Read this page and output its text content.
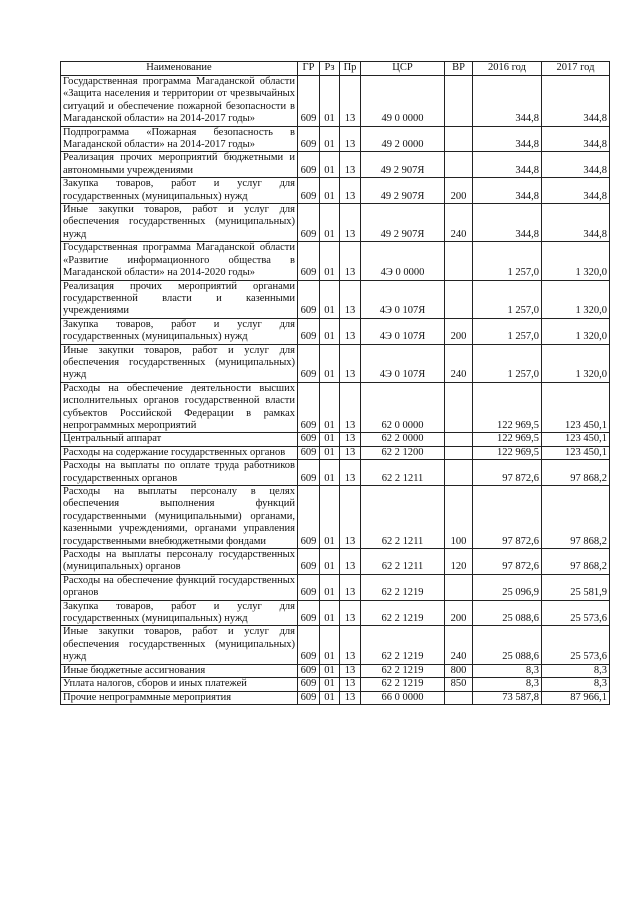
Наименование	ГР	Рз	Пр	ЦСР	ВР	2016 год	2017 год
Государственная программа Магаданской области «Защита населения и территории от чрезвычайных ситуаций и обеспечение пожарной безопасности в Магаданской области» на 2014-2017 годы»	609	01	13	49 0 0000		344,8	344,8
Подпрограмма «Пожарная безопасность в Магаданской области» на 2014-2017 годы»	609	01	13	49 2 0000		344,8	344,8
Реализация прочих мероприятий бюджетными и автономными учреждениями	609	01	13	49 2 907Я		344,8	344,8
Закупка товаров, работ и услуг для государственных (муниципальных) нужд	609	01	13	49 2 907Я	200	344,8	344,8
Иные закупки товаров, работ и услуг для обеспечения государственных (муниципальных) нужд	609	01	13	49 2 907Я	240	344,8	344,8
Государственная программа Магаданской области «Развитие информационного общества в Магаданской области» на 2014-2020 годы»	609	01	13	4Э 0 0000		1 257,0	1 320,0
Реализация прочих мероприятий органами государственной власти и казенными учреждениями	609	01	13	4Э 0 107Я		1 257,0	1 320,0
Закупка товаров, работ и услуг для государственных (муниципальных) нужд	609	01	13	4Э 0 107Я	200	1 257,0	1 320,0
Иные закупки товаров, работ и услуг для обеспечения государственных (муниципальных) нужд	609	01	13	4Э 0 107Я	240	1 257,0	1 320,0
Расходы на обеспечение деятельности высших исполнительных органов государственной власти субъектов Российской Федерации в рамках непрограммных мероприятий	609	01	13	62 0 0000		122 969,5	123 450,1
Центральный аппарат	609	01	13	62 2 0000		122 969,5	123 450,1
Расходы на содержание государственных органов	609	01	13	62 2 1200		122 969,5	123 450,1
Расходы на выплаты по оплате труда работников государственных органов	609	01	13	62 2 1211		97 872,6	97 868,2
Расходы на выплаты персоналу в целях обеспечения выполнения функций государственными (муниципальными) органами, казенными учреждениями, органами управления государственными внебюджетными фондами	609	01	13	62 2 1211	100	97 872,6	97 868,2
Расходы на выплаты персоналу государственных (муниципальных) органов	609	01	13	62 2 1211	120	97 872,6	97 868,2
Расходы на обеспечение функций государственных органов	609	01	13	62 2 1219		25 096,9	25 581,9
Закупка товаров, работ и услуг для государственных (муниципальных) нужд	609	01	13	62 2 1219	200	25 088,6	25 573,6
Иные закупки товаров, работ и услуг для обеспечения государственных (муниципальных) нужд	609	01	13	62 2 1219	240	25 088,6	25 573,6
Иные бюджетные ассигнования	609	01	13	62 2 1219	800	8,3	8,3
Уплата налогов, сборов и иных платежей	609	01	13	62 2 1219	850	8,3	8,3
Прочие непрограммные мероприятия	609	01	13	66 0 0000		73 587,8	87 966,1
